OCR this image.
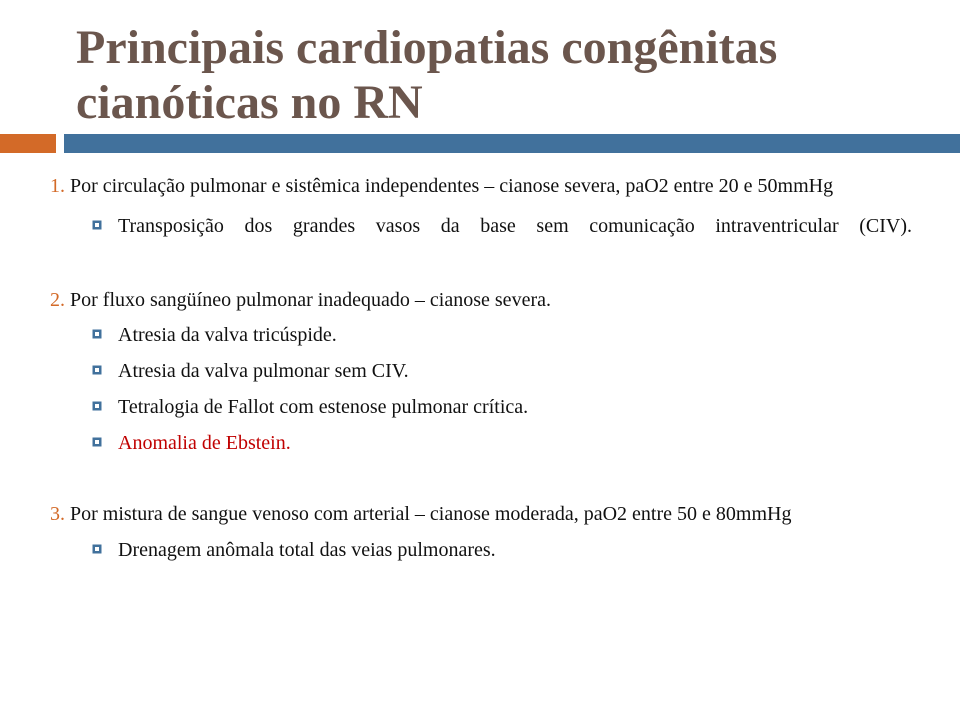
Principais cardiopatias congênitas
cianóticas no RN
1. Por circulação pulmonar e sistêmica independentes – cianose severa, paO2 entre 20 e 50mmHg
Transposição dos grandes vasos da base sem comunicação intraventricular (CIV).
2. Por fluxo sangüíneo pulmonar inadequado – cianose severa.
Atresia da valva tricúspide.
Atresia da valva pulmonar sem CIV.
Tetralogia de Fallot com estenose pulmonar crítica.
Anomalia de Ebstein.
3. Por mistura de sangue venoso com arterial – cianose moderada, paO2 entre 50 e 80mmHg
Drenagem anômala total das veias pulmonares.
